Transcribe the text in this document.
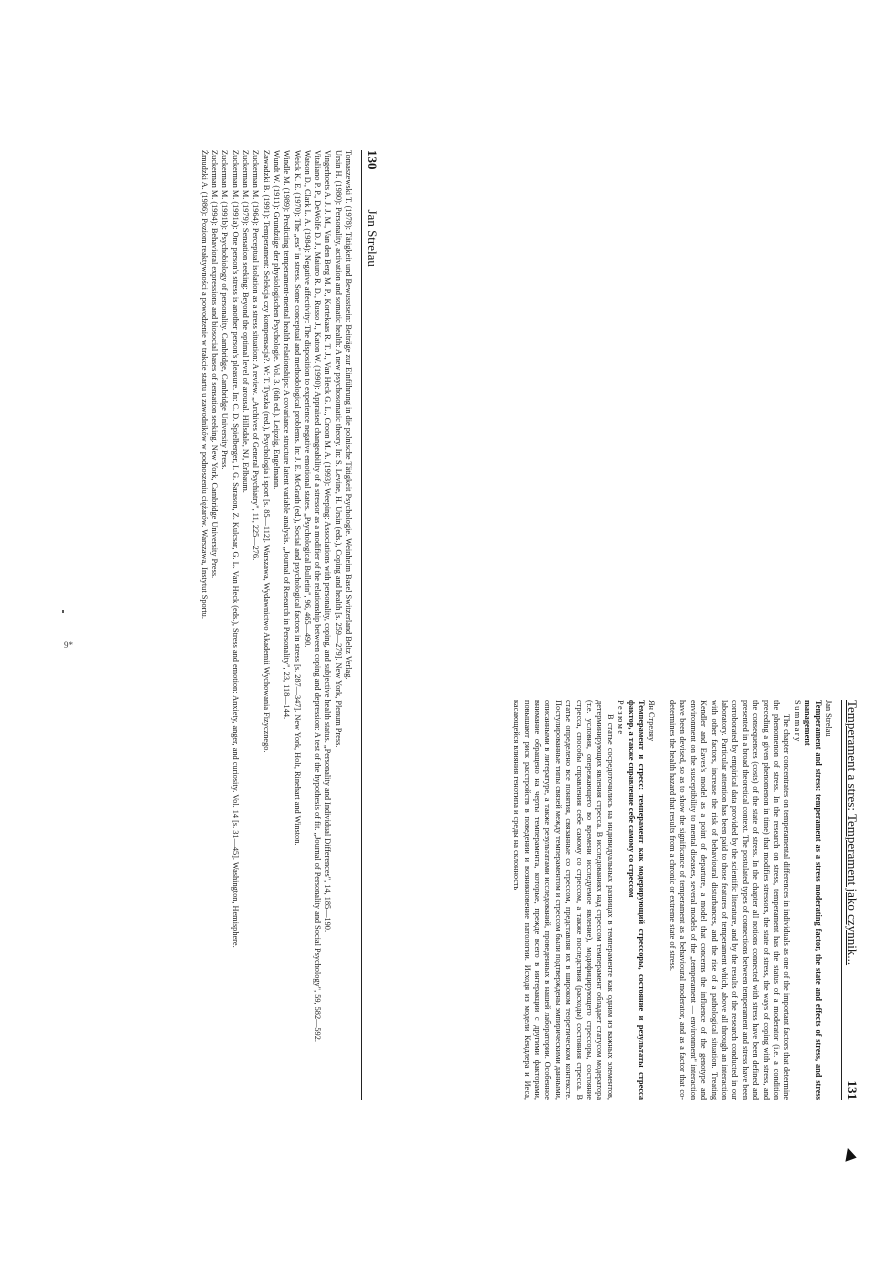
130
Jan Strelau
Tomaszewski T. (1978): Tätigkeit und Bewusstsein: Beiträge zur Einführung in die polnische Tätigkeit Psychologie. Weinheim Basel Switzerland Beltz Verlag.
Ursin H. (1980): Personality, activation and somatic health: A new psychosomatic theory. In: S. Levine, H. Ursin (eds.), Coping and health [s. 259—279]. New York, Plenum Press.
Vingerhoets A. J. J. M., Van den Berg M. P., Kortekaas R. T. J., Van Heck G. L., Croon M. A. (1993): Weeping: Associations with personality, coping, and subjective health status. „Personality and Individual Differences", 14, 185—190.
Vitaliano P. P., DeWolfe D. J., Maiuro R. D., Russo J., Katon W. (1990): Appraised changeability of a stressor as a modifier of the relationship between coping and depression: A test of the hypothesis of fit. „Journal of Personality and Social Psychology", 59, 582—592.
Watson D., Clark L. A. (1984): Negative affectivity: The disposition to experience negative emotional states. „Psychological Bulletin", 96, 465—490.
Weick K. E. (1970): The „ess" in stress. Some conceptual and methodological problems. In: J. E. McGrath (ed.), Social and psychological factors in stress [s. 287—347]. New York, Holt, Rinehart and Winston.
Windle M. (1989): Predicting temperament-mental health relationships: A covariance structure latent variable analysis. „Journal of Research in Personality", 23, 118—144.
Wundt W. (1911): Grundzüge der physiologischen Psychologie. Vol. 3. (6th ed.). Leipzig, Engelmann.
Zawadzki B. (1991): Temperament: Selekcja czy kompensacja?. W: T. Tyszka (red.), Psychologia i sport [s. 85—112]. Warszawa, Wydawnictwo Akademii Wychowania Fizycznego.
Zuckerman M. (1964): Perceptual isolation as a stress situation: A review. „Archives of General Psychiatry", 11, 225—276.
Zuckerman M. (1979): Sensation seeking: Beyond the optimal level of arousal. Hillsdale, NJ, Erlbaum.
Zuckerman M. (1991a): One person's stress is another person's pleasure. In: C. D. Spielberger, I. G. Sarason, Z. Kulcsar, G. L. Van Heck (eds.), Stress and emotion: Anxiety, anger, and curiosity. Vol. 14 [s. 31—45]. Washington, Hemisphere.
Zuckerman M. (1991b): Psychobiology of personality. Cambridge, Cambridge University Press.
Zuckerman M. (1994): Behavioral expressions and biosocial bases of sensation seeking. New York, Cambridge University Press.
Żmudzki A. (1986): Poziom reaktywności a powodzenie w trakcie startu u zawodników w podnoszeniu ciężarów. Warszawa, Instytut Sportu.
Temperament a stres: Temperament jako czynnik...
131

Jan Strelau

Temperament and stress: temperament as a stress moderating factor, the state and effects of stress, and stress management

Summary

The chapter concentrates on temperamental differences in individuals as one of the important factors that determine the phenomenon of stress. In the research on stress, temperament has the status of a moderator (i.e. a condition preceding a given phenomenon in time) that modifies stressors, the state of stress, the ways of coping with stress, and the consequences (costs) of the state of stress. In the chapter all notions connected with stress have been defined and presented in a broad theoretical context. The postulated types of connections between temperament and stress have been corroborated by empirical data provided by the scientific literature, and by the results of the research conducted in our laboratory. Particular attention has been paid to those features of temperament which, above all through an interaction with other factors, increase the risk of behavioural disturbances, and the rise of a pathological situation. Treating Kendler and Eaves's model as a point of departure, a model that concerns the influence of the genotype and environment on the susceptibility to mental diseases, several models of the „temperament — environment" interaction have been devised, so as to show the significance of temperament as a behavioural moderator, and as a factor that co-determines the health hazard that results from a chronic or extreme state of stress.

Ян Стреляу

Темперамент и стресс: темперамент как модерирующий стрессоры, состояние и результаты стресса фактор, а также справление себе самому со стрессом

Резюме

В статье сосредоточились на индивидуальных разницах в темпераменте как одним из важных элементов, детерминирующих явления стресса. В исследованиях над стрессом темперамент обладает статусом модератора (т.е. условия, опережающего во времени исследуемое явление), модифицирующего стрессоры, состояние стресса, способы справления себе самому со стрессом, а также последствия (расходы) состояния стресса. В статье определено все понятия, связанные со стрессом, представляя их в широком теоретическом контексте. Постулированные типы связей между темпераментом и стрессом были подтверждены эмпирическими данными, описанными в литературе, а также результатами исследований, проведенных в нашей лаборатории. Особенное внимание обращено на черты темперамента, которые, прежде всего в интеракции с другими факторами, повышают риск расстройств в поведении и возникновение патологии. Исходя из модели Кендлера и Иеса, касающейся влияния генотипа и среды на склонность

9*
